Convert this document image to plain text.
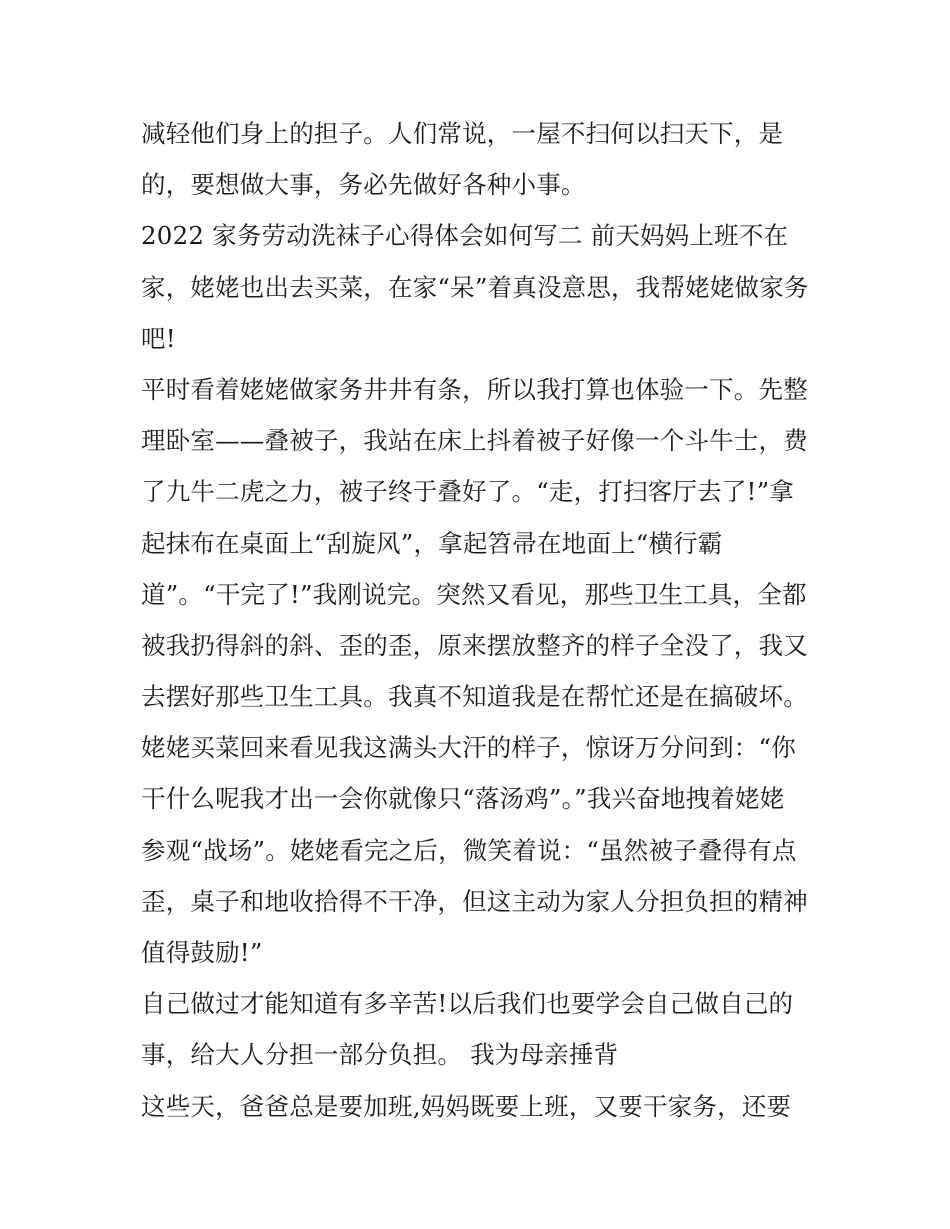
减轻他们身上的担子。人们常说，一屋不扫何以扫天下，是
的，要想做大事，务必先做好各种小事。
2022 家务劳动洗袜子心得体会如何写二 前天妈妈上班不在
家，姥姥也出去买菜，在家“呆”着真没意思，我帮姥姥做家务
吧!
平时看着姥姥做家务井井有条，所以我打算也体验一下。先整
理卧室——叠被子，我站在床上抖着被子好像一个斗牛士，费
了九牛二虎之力，被子终于叠好了。“走，打扫客厅去了!”拿
起抹布在桌面上“刮旋风”，拿起笤帚在地面上“横行霸
道”。“干完了!”我刚说完。突然又看见，那些卫生工具，全都
被我扔得斜的斜、歪的歪，原来摆放整齐的样子全没了，我又
去摆好那些卫生工具。我真不知道我是在帮忙还是在搞破坏。
姥姥买菜回来看见我这满头大汗的样子，惊讶万分问到：“你
干什么呢我才出一会你就像只“落汤鸡”。”我兴奋地拽着姥姥
参观“战场”。姥姥看完之后，微笑着说：“虽然被子叠得有点
歪，桌子和地收拾得不干净，但这主动为家人分担负担的精神
值得鼓励!”
自己做过才能知道有多辛苦!以后我们也要学会自己做自己的
事，给大人分担一部分负担。 我为母亲捶背
这些天，爸爸总是要加班,妈妈既要上班，又要干家务，还要
